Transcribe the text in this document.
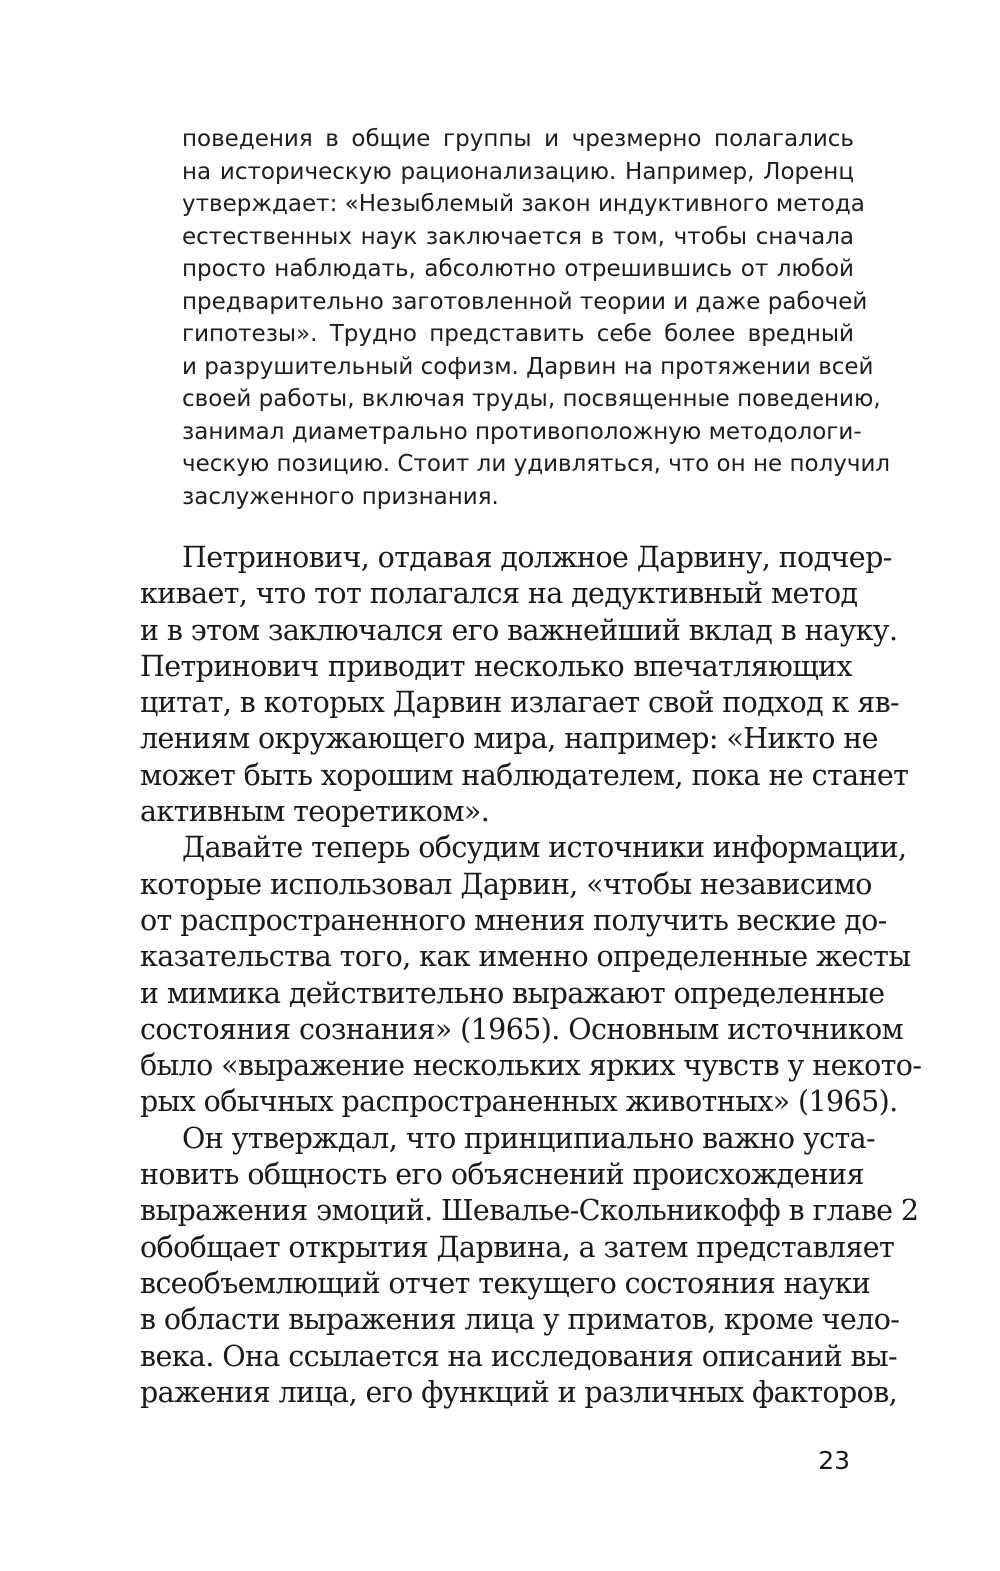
поведения в общие группы и чрезмерно полагались
на историческую рационализацию. Например, Лоренц
утверждает: «Незыблемый закон индуктивного метода
естественных наук заключается в том, чтобы сначала
просто наблюдать, абсолютно отрешившись от любой
предварительно заготовленной теории и даже рабочей
гипотезы». Трудно представить себе более вредный
и разрушительный софизм. Дарвин на протяжении всей
своей работы, включая труды, посвященные поведению,
занимал диаметрально противоположную методологи-
ческую позицию. Стоит ли удивляться, что он не получил
заслуженного признания.
Петринович, отдавая должное Дарвину, подчер-
кивает, что тот полагался на дедуктивный метод
и в этом заключался его важнейший вклад в науку.
Петринович приводит несколько впечатляющих
цитат, в которых Дарвин излагает свой подход к яв-
лениям окружающего мира, например: «Никто не
может быть хорошим наблюдателем, пока не станет
активным теоретиком».
Давайте теперь обсудим источники информации,
которые использовал Дарвин, «чтобы независимо
от распространенного мнения получить веские до-
казательства того, как именно определенные жесты
и мимика действительно выражают определенные
состояния сознания» (1965). Основным источником
было «выражение нескольких ярких чувств у некото-
рых обычных распространенных животных» (1965).
Он утверждал, что принципиально важно уста-
новить общность его объяснений происхождения
выражения эмоций. Шевалье-Скольникофф в главе 2
обобщает открытия Дарвина, а затем представляет
всеобъемлющий отчет текущего состояния науки
в области выражения лица у приматов, кроме чело-
века. Она ссылается на исследования описаний вы-
ражения лица, его функций и различных факторов,
23
